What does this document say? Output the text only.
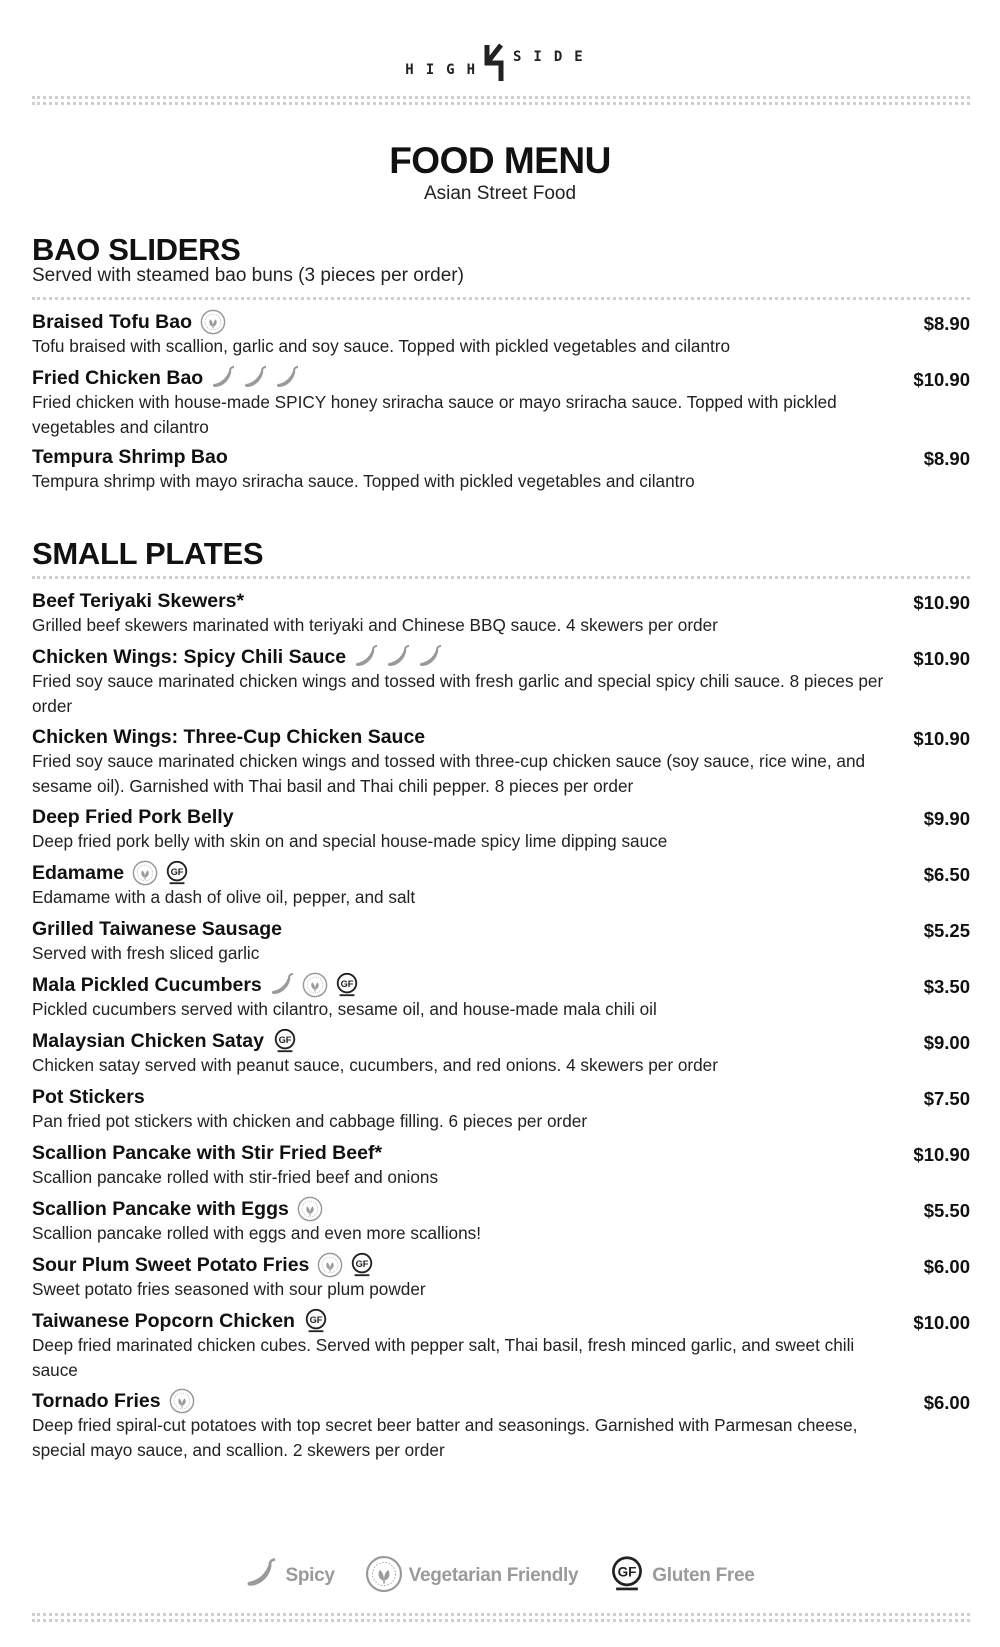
HIGH
SIDE
FOOD MENU
Asian Street Food
BAO SLIDERS
Served with steamed bao buns (3 pieces per order)
Braised Tofu Bao	$8.90
Tofu braised with scallion, garlic and soy sauce. Topped with pickled vegetables and cilantro
Fried Chicken Bao	$10.90
Fried chicken with house-made SPICY honey sriracha sauce or mayo sriracha sauce. Topped with pickled vegetables and cilantro
Tempura Shrimp Bao	$8.90
Tempura shrimp with mayo sriracha sauce. Topped with pickled vegetables and cilantro
SMALL PLATES
Beef Teriyaki Skewers*	$10.90
Grilled beef skewers marinated with teriyaki and Chinese BBQ sauce. 4 skewers per order
Chicken Wings: Spicy Chili Sauce	$10.90
Fried soy sauce marinated chicken wings and tossed with fresh garlic and special spicy chili sauce. 8 pieces per order
Chicken Wings: Three-Cup Chicken Sauce	$10.90
Fried soy sauce marinated chicken wings and tossed with three-cup chicken sauce (soy sauce, rice wine, and sesame oil). Garnished with Thai basil and Thai chili pepper. 8 pieces per order
Deep Fried Pork Belly	$9.90
Deep fried pork belly with skin on and special house-made spicy lime dipping sauce
Edamame	GF	$6.50
Edamame with a dash of olive oil, pepper, and salt
Grilled Taiwanese Sausage	$5.25
Served with fresh sliced garlic
Mala Pickled Cucumbers	GF	$3.50
Pickled cucumbers served with cilantro, sesame oil, and house-made mala chili oil
Malaysian Chicken Satay GF	$9.00
Chicken satay served with peanut sauce, cucumbers, and red onions. 4 skewers per order
Pot Stickers	$7.50
Pan fried pot stickers with chicken and cabbage filling. 6 pieces per order
Scallion Pancake with Stir Fried Beef*	$10.90
Scallion pancake rolled with stir-fried beef and onions
Scallion Pancake with Eggs	$5.50
Scallion pancake rolled with eggs and even more scallions!
Sour Plum Sweet Potato Fries	GF	$6.00
Sweet potato fries seasoned with sour plum powder
Taiwanese Popcorn Chicken GF	$10.00
Deep fried marinated chicken cubes. Served with pepper salt, Thai basil, fresh minced garlic, and sweet chili sauce
Tornado Fries	$6.00
Deep fried spiral-cut potatoes with top secret beer batter and seasonings. Garnished with Parmesan cheese, special mayo sauce, and scallion. 2 skewers per order
Spicy	Vegetarian Friendly	GF Gluten Free
